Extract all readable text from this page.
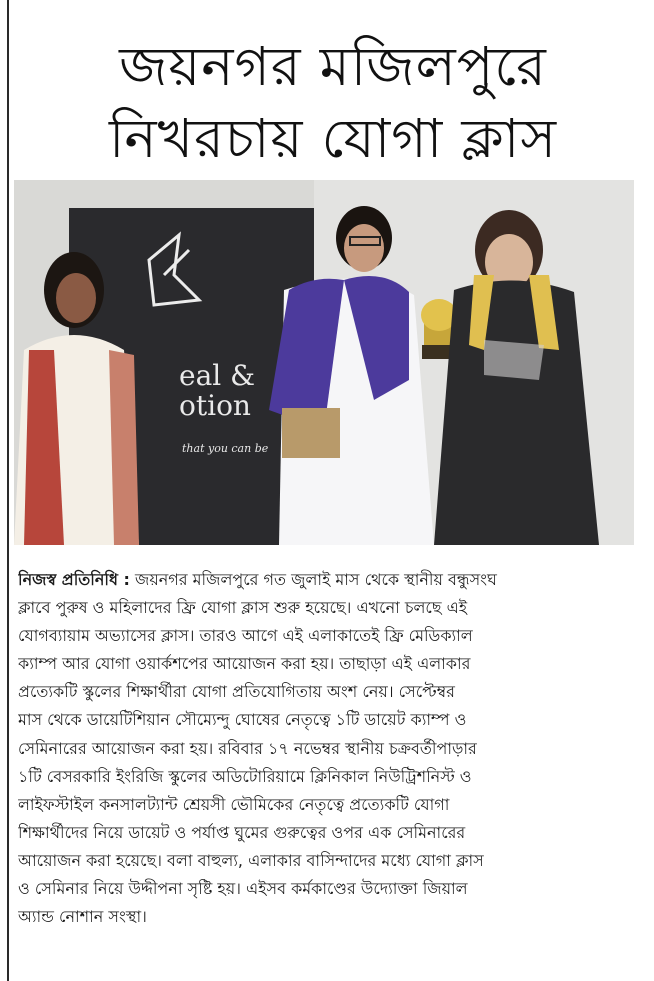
জয়নগর মজিলপুরে
নিখরচায় যোগা ক্লাস
eal &
otion
that you can be
নিজস্ব প্রতিনিধি : জয়নগর মজিলপুরে গত জুলাই মাস থেকে স্থানীয় বন্ধুসংঘ
ক্লাবে পুরুষ ও মহিলাদের ফ্রি যোগা ক্লাস শুরু হয়েছে। এখনো চলছে এই
যোগব্যায়াম অভ্যাসের ক্লাস। তারও আগে এই এলাকাতেই ফ্রি মেডিক্যাল
ক্যাম্প আর যোগা ওয়ার্কশপের আয়োজন করা হয়। তাছাড়া এই এলাকার
প্রত্যেকটি স্কুলের শিক্ষার্থীরা যোগা প্রতিযোগিতায় অংশ নেয়। সেপ্টেম্বর
মাস থেকে ডায়েটিশিয়ান সৌম্যেন্দু ঘোষের নেতৃত্বে ১টি ডায়েট ক্যাম্প ও
সেমিনারের আয়োজন করা হয়। রবিবার ১৭ নভেম্বর স্থানীয় চক্রবর্তীপাড়ার
১টি বেসরকারি ইংরিজি স্কুলের অডিটোরিয়ামে ক্লিনিকাল নিউট্রিশনিস্ট ও
লাইফস্টাইল কনসালট্যান্ট শ্রেয়সী ভৌমিকের নেতৃত্বে প্রত্যেকটি যোগা
শিক্ষার্থীদের নিয়ে ডায়েট ও পর্যাপ্ত ঘুমের গুরুত্বের ওপর এক সেমিনারের
আয়োজন করা হয়েছে। বলা বাহুল্য, এলাকার বাসিন্দাদের মধ্যে যোগা ক্লাস
ও সেমিনার নিয়ে উদ্দীপনা সৃষ্টি হয়। এইসব কর্মকাণ্ডের উদ্যোক্তা জিয়াল
অ্যান্ড নোশান সংস্থা।
